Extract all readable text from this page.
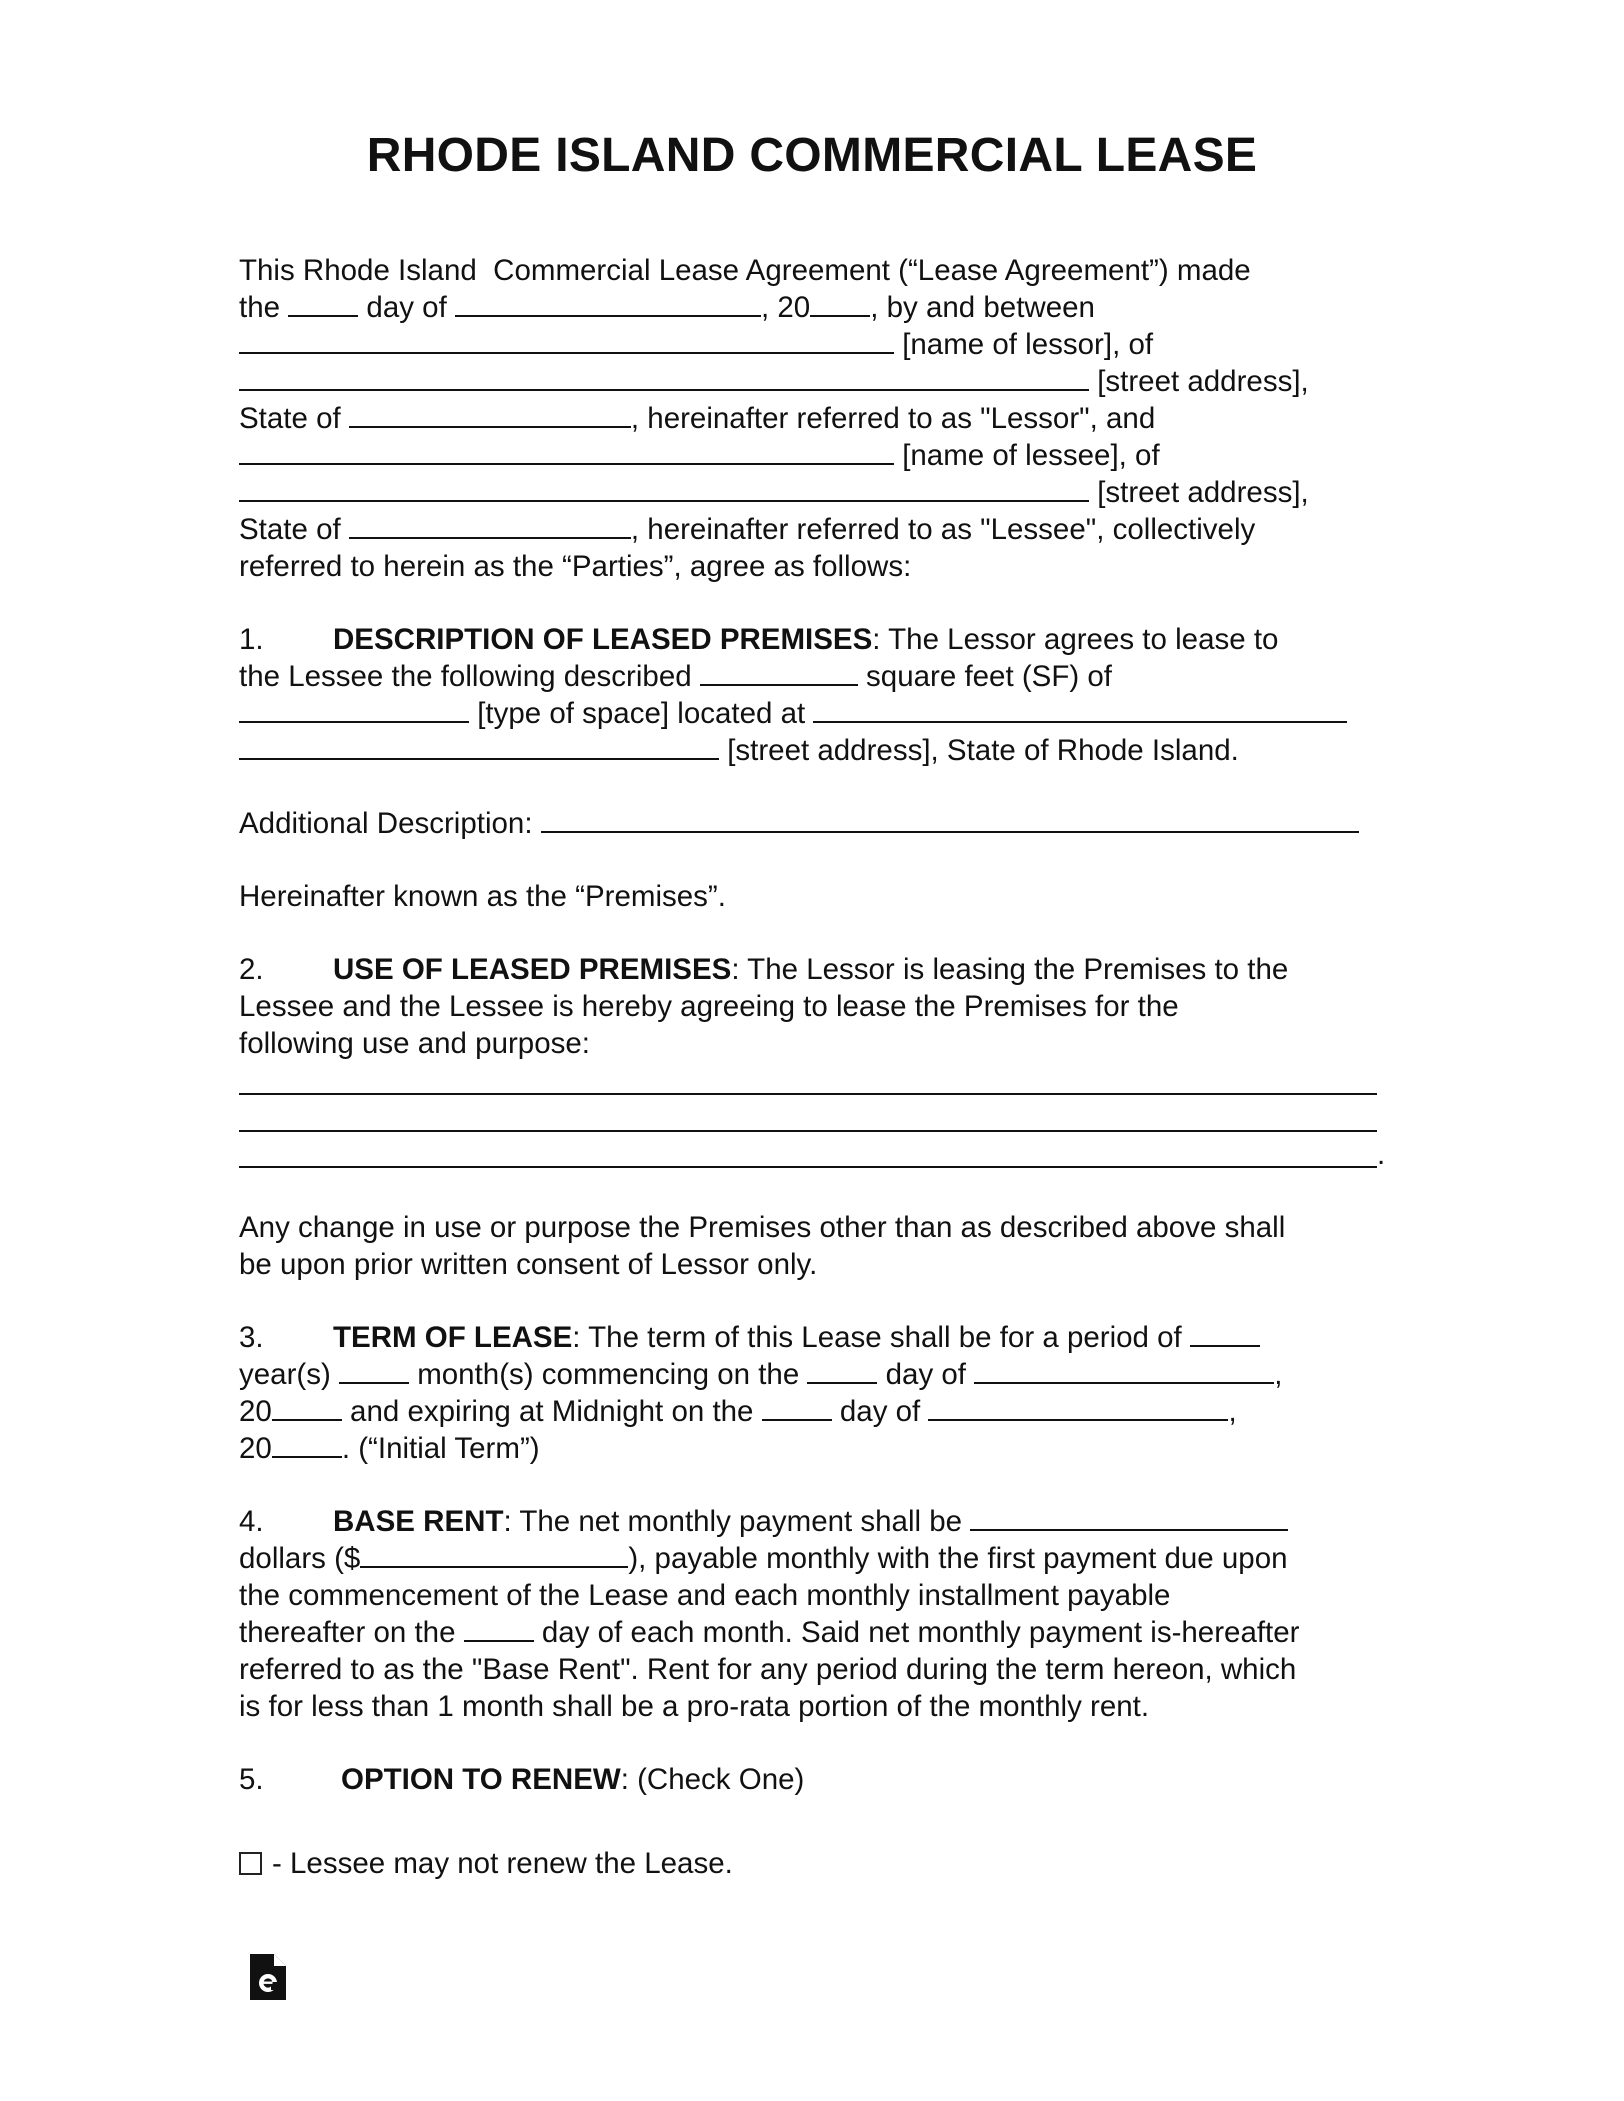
RHODE ISLAND COMMERCIAL LEASE
This Rhode Island  Commercial Lease Agreement (“Lease Agreement”) made
the	day of	, 20 , by and between
[name of lessor], of
[street address],
State of	, hereinafter referred to as "Lessor", and
[name of lessee], of
[street address],
State of	, hereinafter referred to as "Lessee", collectively
referred to herein as the “Parties”, agree as follows:
1. DESCRIPTION OF LEASED PREMISES: The Lessor agrees to lease to
the Lessee the following described	square feet (SF) of
[type of space] located at
[street address], State of Rhode Island.
Additional Description:
Hereinafter known as the “Premises”.
2. USE OF LEASED PREMISES: The Lessor is leasing the Premises to the
Lessee and the Lessee is hereby agreeing to lease the Premises for the
following use and purpose:
.
Any change in use or purpose the Premises other than as described above shall
be upon prior written consent of Lessor only.
3. TERM OF LEASE: The term of this Lease shall be for a period of
year(s)	month(s) commencing on the	day of	,
20	and expiring at Midnight on the	day of	,
20 . (“Initial Term”)
4. BASE RENT: The net monthly payment shall be
dollars ($	), payable monthly with the first payment due upon
the commencement of the Lease and each monthly installment payable
thereafter on the	day of each month. Said net monthly payment is-hereafter
referred to as the "Base Rent". Rent for any period during the term hereon, which
is for less than 1 month shall be a pro-rata portion of the monthly rent.
5.	OPTION TO RENEW: (Check One)
- Lessee may not renew the Lease.
